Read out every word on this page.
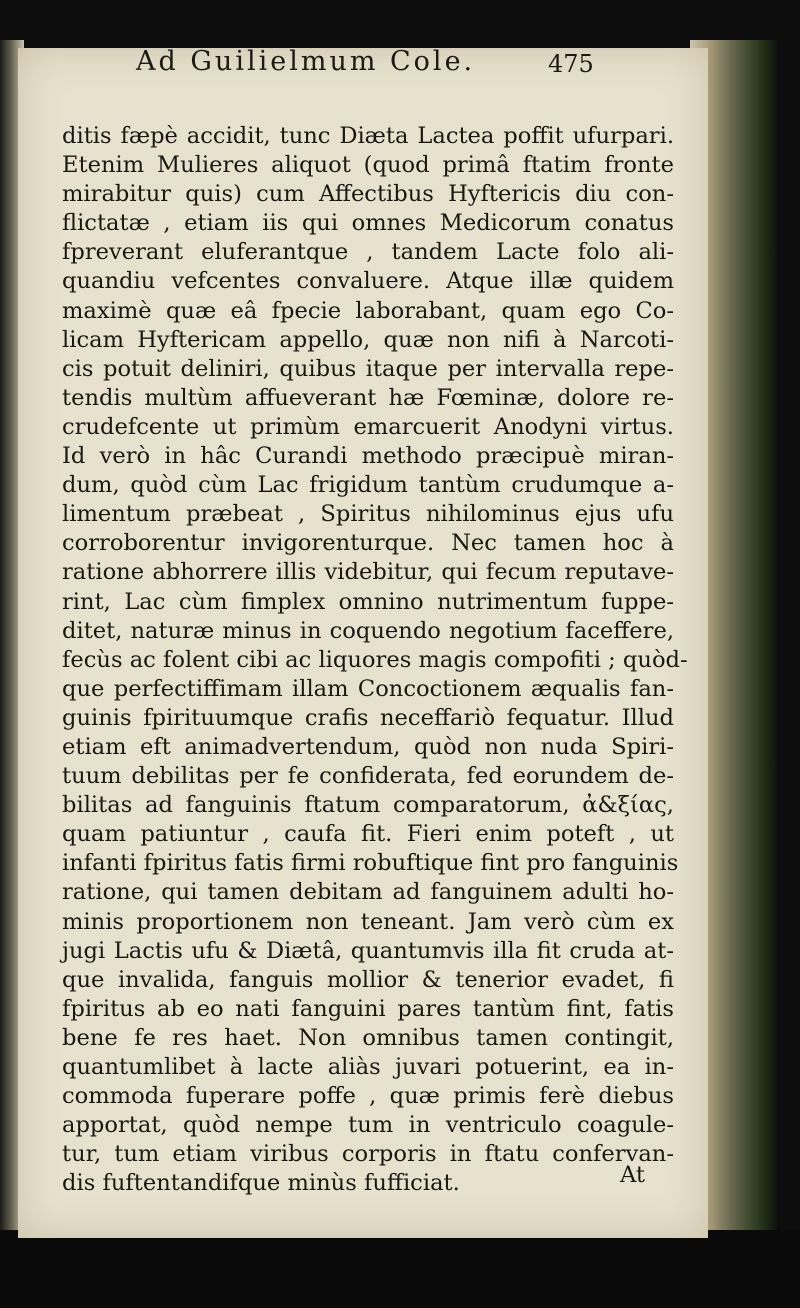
Ad Guilielmum Cole.	475
ditis fæpè accidit, tunc Diæta Lactea poffit ufurpari.
Etenim Mulieres aliquot (quod primâ ftatim fronte
mirabitur quis) cum Affectibus Hyftericis diu con-
flictatæ , etiam iis qui omnes Medicorum conatus
fpreverant eluferantque , tandem Lacte folo ali-
quandiu vefcentes convaluere. Atque illæ quidem
maximè quæ eâ fpecie laborabant, quam ego Co-
licam Hyftericam appello, quæ non nifi à Narcoti-
cis potuit deliniri, quibus itaque per intervalla repe-
tendis multùm affueverant hæ Fœminæ, dolore re-
crudefcente ut primùm emarcuerit Anodyni virtus.
Id verò in hâc Curandi methodo præcipuè miran-
dum, quòd cùm Lac frigidum tantùm crudumque a-
limentum præbeat , Spiritus nihilominus ejus ufu
corroborentur invigorenturque. Nec tamen hoc à
ratione abhorrere illis videbitur, qui fecum reputave-
rint, Lac cùm fimplex omnino nutrimentum fuppe-
ditet, naturæ minus in coquendo negotium faceffere,
fecùs ac folent cibi ac liquores magis compofiti ; quòd-
que perfectiffimam illam Concoctionem æqualis fan-
guinis fpirituumque crafis neceffariò fequatur. Illud
etiam eft animadvertendum, quòd non nuda Spiri-
tuum debilitas per fe confiderata, fed eorundem de-
bilitas ad fanguinis ftatum comparatorum, ἀ&ξίας,
quam patiuntur , caufa fit. Fieri enim poteft , ut
infanti fpiritus fatis firmi robuftique fint pro fanguinis
ratione, qui tamen debitam ad fanguinem adulti ho-
minis proportionem non teneant. Jam verò cùm ex
jugi Lactis ufu & Diætâ, quantumvis illa fit cruda at-
que invalida, fanguis mollior & tenerior evadet, fi
fpiritus ab eo nati fanguini pares tantùm fint, fatis
bene fe res haet. Non omnibus tamen contingit,
quantumlibet à lacte aliàs juvari potuerint, ea in-
commoda fuperare poffe , quæ primis ferè diebus
apportat, quòd nempe tum in ventriculo coagule-
tur, tum etiam viribus corporis in ftatu confervan-
dis fuftentandifque minùs fufficiat.	At
